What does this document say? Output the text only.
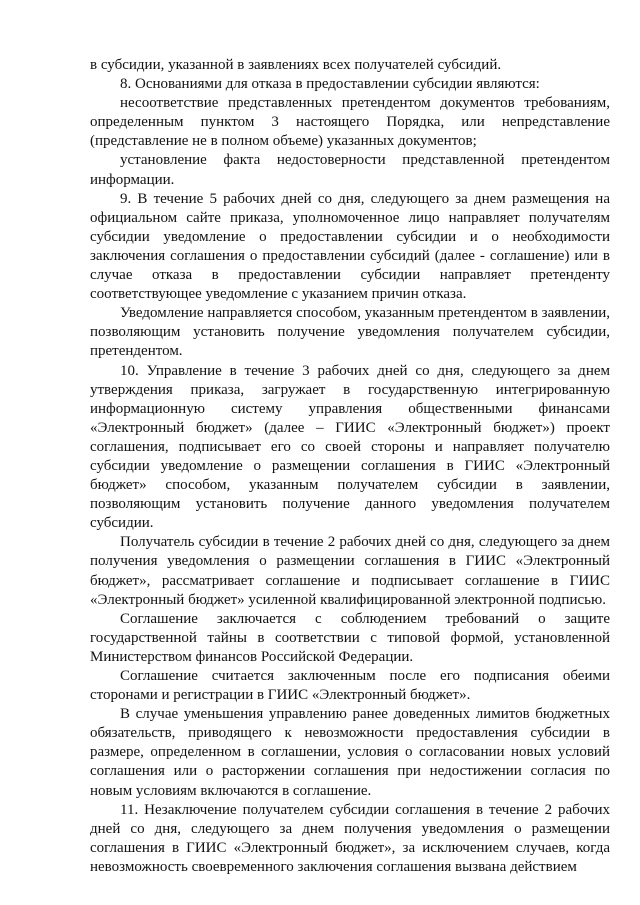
в субсидии, указанной в заявлениях всех получателей субсидий.

8. Основаниями для отказа в предоставлении субсидии являются:

несоответствие представленных претендентом документов требованиям, определенным пунктом 3 настоящего Порядка, или непредставление (представление не в полном объеме) указанных документов;

установление факта недостоверности представленной претендентом информации.

9. В течение 5 рабочих дней со дня, следующего за днем размещения на официальном сайте приказа, уполномоченное лицо направляет получателям субсидии уведомление о предоставлении субсидии и о необходимости заключения соглашения о предоставлении субсидий (далее - соглашение) или в случае отказа в предоставлении субсидии направляет претенденту соответствующее уведомление с указанием причин отказа.

Уведомление направляется способом, указанным претендентом в заявлении, позволяющим установить получение уведомления получателем субсидии, претендентом.

10. Управление в течение 3 рабочих дней со дня, следующего за днем утверждения приказа, загружает в государственную интегрированную информационную систему управления общественными финансами «Электронный бюджет» (далее – ГИИС «Электронный бюджет») проект соглашения, подписывает его со своей стороны и направляет получателю субсидии уведомление о размещении соглашения в ГИИС «Электронный бюджет» способом, указанным получателем субсидии в заявлении, позволяющим установить получение данного уведомления получателем субсидии.

Получатель субсидии в течение 2 рабочих дней со дня, следующего за днем получения уведомления о размещении соглашения в ГИИС «Электронный бюджет», рассматривает соглашение и подписывает соглашение в ГИИС «Электронный бюджет» усиленной квалифицированной электронной подписью.

Соглашение заключается с соблюдением требований о защите государственной тайны в соответствии с типовой формой, установленной Министерством финансов Российской Федерации.

Соглашение считается заключенным после его подписания обеими сторонами и регистрации в ГИИС «Электронный бюджет».

В случае уменьшения управлению ранее доведенных лимитов бюджетных обязательств, приводящего к невозможности предоставления субсидии в размере, определенном в соглашении, условия о согласовании новых условий соглашения или о расторжении соглашения при недостижении согласия по новым условиям включаются в соглашение.

11. Незаключение получателем субсидии соглашения в течение 2 рабочих дней со дня, следующего за днем получения уведомления о размещении соглашения в ГИИС «Электронный бюджет», за исключением случаев, когда невозможность своевременного заключения соглашения вызвана действием
